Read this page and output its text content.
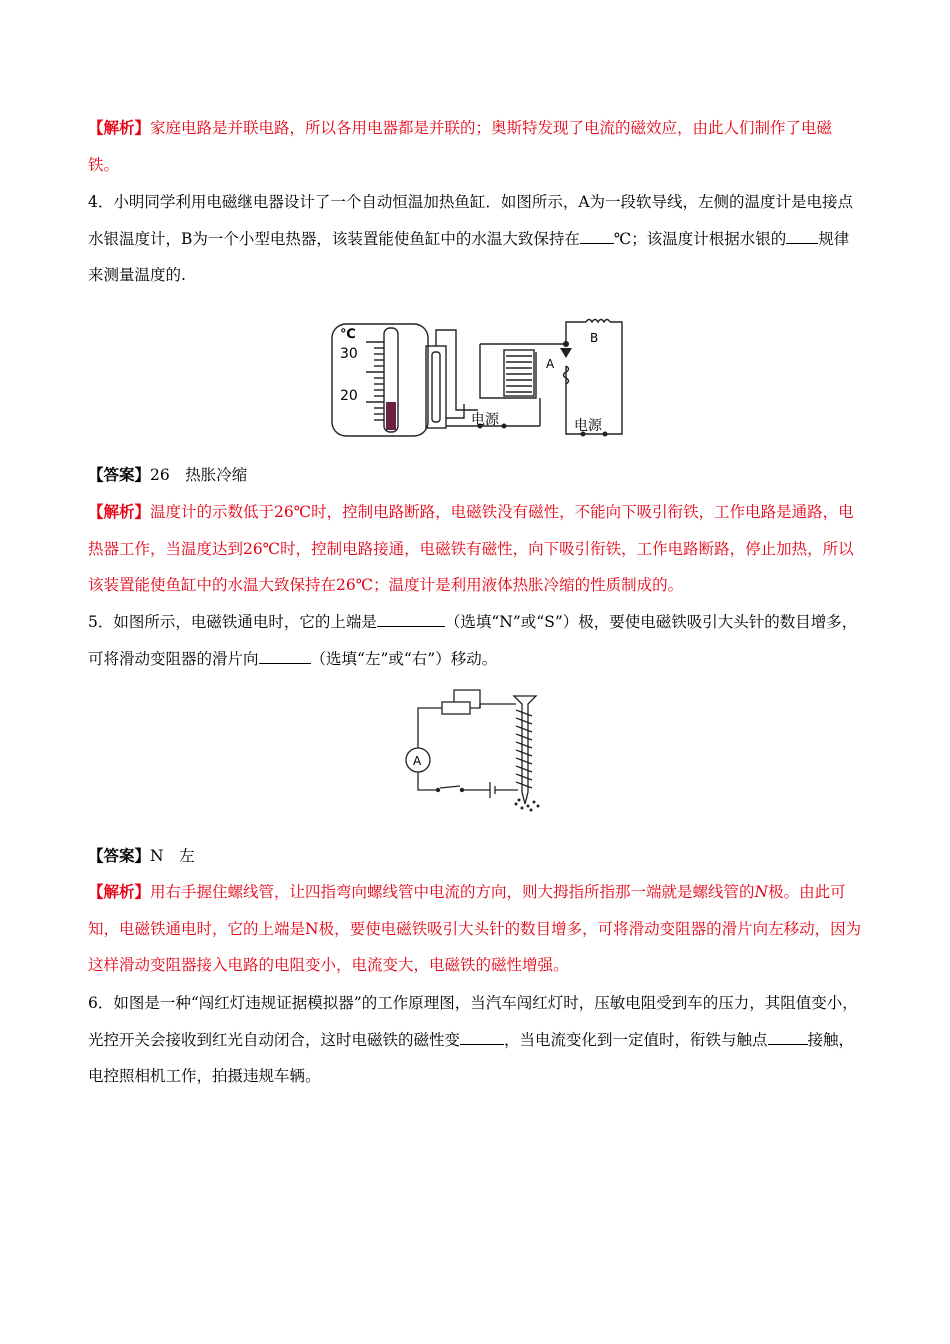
【解析】家庭电路是并联电路，所以各用电器都是并联的；奥斯特发现了电流的磁效应，由此人们制作了电磁铁。

4．小明同学利用电磁继电器设计了一个自动恒温加热鱼缸．如图所示，A为一段软导线，左侧的温度计是电接点水银温度计，B为一个小型电热器，该装置能使鱼缸中的水温大致保持在 ℃；该温度计根据水银的 规律来测量温度的.

℃
30
20
A
B
电源	电源

【答案】26　热胀冷缩

【解析】温度计的示数低于26℃时，控制电路断路，电磁铁没有磁性，不能向下吸引衔铁，工作电路是通路，电热器工作，当温度达到26℃时，控制电路接通，电磁铁有磁性，向下吸引衔铁，工作电路断路，停止加热，所以该装置能使鱼缸中的水温大致保持在26℃；温度计是利用液体热胀冷缩的性质制成的。

5．如图所示，电磁铁通电时，它的上端是	（选填“N”或“S”）极，要使电磁铁吸引大头针的数目增多，可将滑动变阻器的滑片向	（选填“左”或“右”）移动。

A

【答案】N　左

【解析】用右手握住螺线管，让四指弯向螺线管中电流的方向，则大拇指所指那一端就是螺线管的N极。由此可知，电磁铁通电时，它的上端是N极，要使电磁铁吸引大头针的数目增多，可将滑动变阻器的滑片向左移动，因为这样滑动变阻器接入电路的电阻变小，电流变大，电磁铁的磁性增强。

6．如图是一种“闯红灯违规证据模拟器”的工作原理图，当汽车闯红灯时，压敏电阻受到车的压力，其阻值变小，光控开关会接收到红光自动闭合，这时电磁铁的磁性变	，当电流变化到一定值时，衔铁与触点	接触，电控照相机工作，拍摄违规车辆。
